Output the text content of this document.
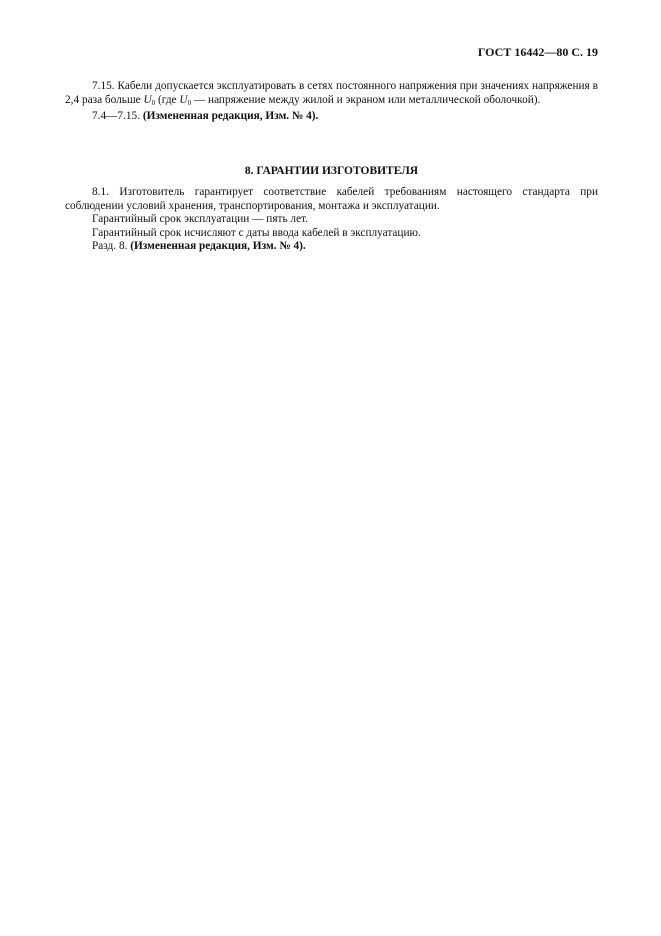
ГОСТ 16442—80 С. 19

7.15. Кабели допускается эксплуатировать в сетях постоянного напряжения при значениях напряжения в 2,4 раза больше $U_0$ (где $U_0$ — напряжение между жилой и экраном или металлической оболочкой).

7.4—7.15. (Измененная редакция, Изм. № 4).

8. ГАРАНТИИ ИЗГОТОВИТЕЛЯ

8.1. Изготовитель гарантирует соответствие кабелей требованиям настоящего стандарта при соблюдении условий хранения, транспортирования, монтажа и эксплуатации.

Гарантийный срок эксплуатации — пять лет.

Гарантийный срок исчисляют с даты ввода кабелей в эксплуатацию.

Разд. 8. (Измененная редакция, Изм. № 4).
